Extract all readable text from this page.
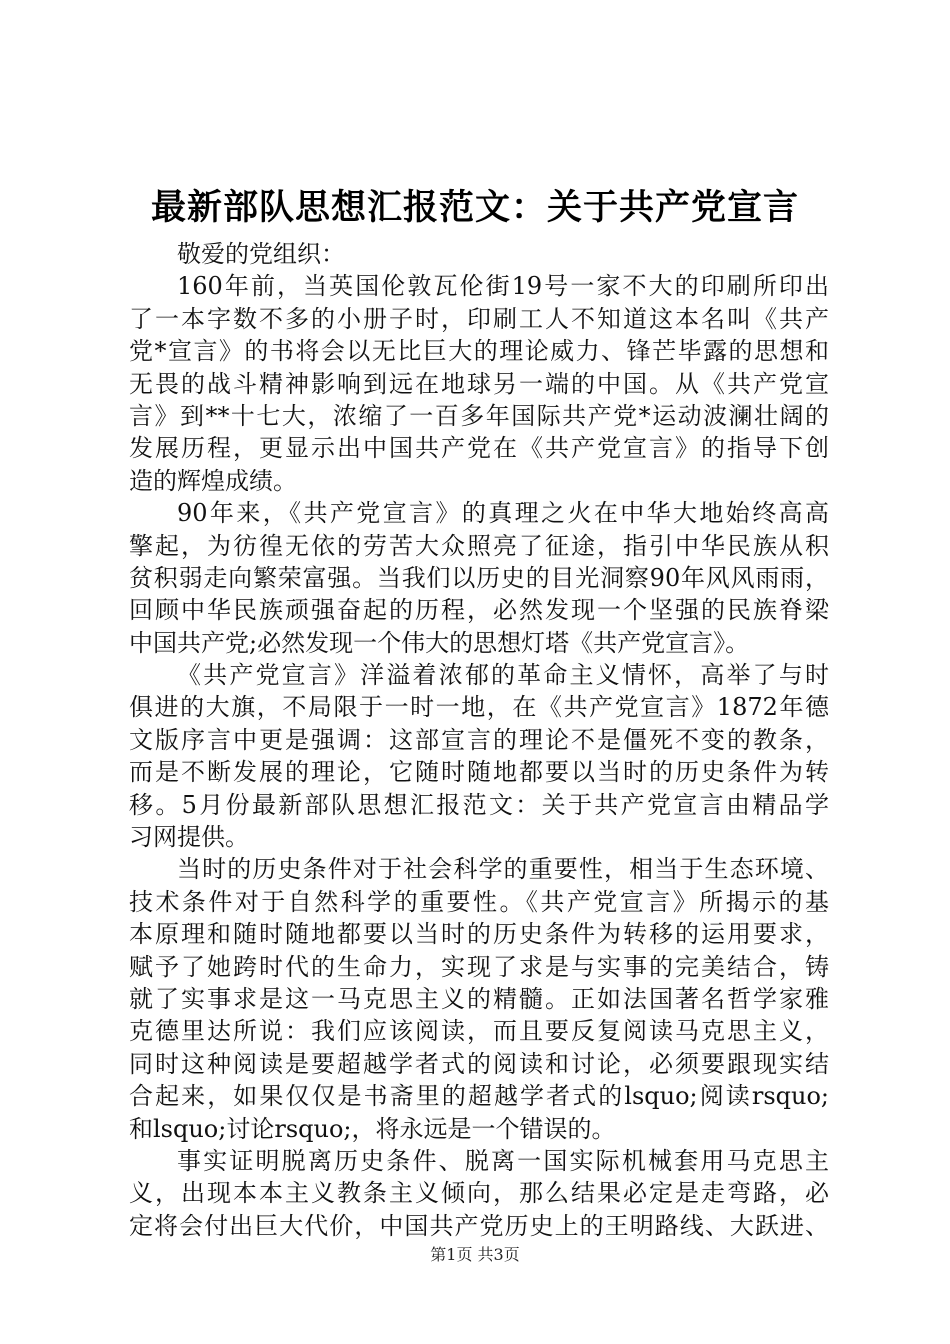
最新部队思想汇报范文：关于共产党宣言
敬爱的党组织：
160年前，当英国伦敦瓦伦街19号一家不大的印刷所印出
了一本字数不多的小册子时，印刷工人不知道这本名叫《共产
党*宣言》的书将会以无比巨大的理论威力、锋芒毕露的思想和
无畏的战斗精神影响到远在地球另一端的中国。从《共产党宣
言》到**十七大，浓缩了一百多年国际共产党*运动波澜壮阔的
发展历程，更显示出中国共产党在《共产党宣言》的指导下创
造的辉煌成绩。
90年来，《共产党宣言》的真理之火在中华大地始终高高
擎起，为彷徨无依的劳苦大众照亮了征途，指引中华民族从积
贫积弱走向繁荣富强。当我们以历史的目光洞察90年风风雨雨，
回顾中华民族顽强奋起的历程，必然发现一个坚强的民族脊梁
中国共产党;必然发现一个伟大的思想灯塔《共产党宣言》。
《共产党宣言》洋溢着浓郁的革命主义情怀，高举了与时
俱进的大旗，不局限于一时一地，在《共产党宣言》1872年德
文版序言中更是强调：这部宣言的理论不是僵死不变的教条，
而是不断发展的理论，它随时随地都要以当时的历史条件为转
移。5月份最新部队思想汇报范文：关于共产党宣言由精品学
习网提供。
当时的历史条件对于社会科学的重要性，相当于生态环境、
技术条件对于自然科学的重要性。《共产党宣言》所揭示的基
本原理和随时随地都要以当时的历史条件为转移的运用要求，
赋予了她跨时代的生命力，实现了求是与实事的完美结合，铸
就了实事求是这一马克思主义的精髓。正如法国著名哲学家雅
克德里达所说：我们应该阅读，而且要反复阅读马克思主义，
同时这种阅读是要超越学者式的阅读和讨论，必须要跟现实结
合起来，如果仅仅是书斋里的超越学者式的lsquo;阅读rsquo;
和lsquo;讨论rsquo;，将永远是一个错误的。
事实证明脱离历史条件、脱离一国实际机械套用马克思主
义，出现本本主义教条主义倾向，那么结果必定是走弯路，必
定将会付出巨大代价，中国共产党历史上的王明路线、大跃进、
第1页 共3页
